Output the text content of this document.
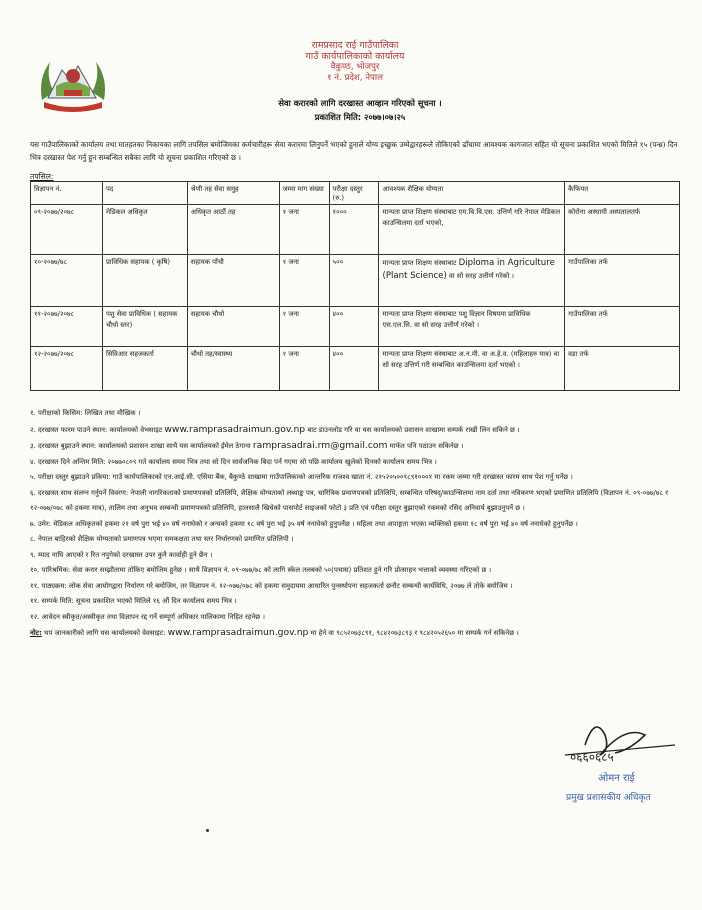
रामप्रसाद राई गाउँपालिका
गाउँ कार्यपालिकाको कार्यालय
वैकुण्ठ, भोजपुर
१ नं. प्रदेश, नेपाल
सेवा करारको लागि दरखास्त आव्हान गरिएको सूचना ।
प्रकाशित मिति: २०७७।०७।२५
यस गाउँपालिकाको कार्यालय तथा मातहतका निकायका लागि तपसिल बमोजिमका कर्मचारीहरू सेवा करारमा लिनुपर्ने भएको हुनाले योग्य इच्छुक उम्मेद्वारहरूले तोकिएको ढाँचामा आवश्यक कागजात सहित यो सूचना प्रकाशित भएको मितिले १५ (पन्ध्र) दिन भित्र दरखास्त पेश गर्नु हुन सम्बन्धित सबैका लागि यो सूचना प्रकाशित गरिएको छ ।
तपसिल:
विज्ञापन नं.	पद	श्रेणी तह सेवा समुह	जम्मा माग संख्या	परीक्षा दस्तुर (रु.)	आवश्यक शैक्षिक योग्यता	कैफियत
०९-२०७७/२०७८	मेडिकल अधिकृत	अधिकृत आठौं तह	१ जना	१०००	मान्यता प्राप्त शिक्षण संस्थाबाट एम.बि.बि.एस. उत्तिर्ण गरि नेपाल मेडिकल काउन्सिलमा दर्ता भएको,	कोरोना अस्थायी अस्पतालतर्फ
१०-२०७७/७८	प्राविधिक सहायक ( कृषि)	सहायक पाँचौ	१ जना	५००	मान्यता प्राप्त शिक्षण संस्थाबाट Diploma in Agriculture (Plant Science) वा सो सरह उत्तीर्ण गरेको ।	गाउँपालिका तर्फ
११-२०७७/२०७८	पशु सेवा प्राविधिक ( सहायक चौथो स्तर)	सहायक चौथो	१ जना	४००	मान्यता प्राप्त शिक्षण संस्थाबाट पशु विज्ञान विषयमा प्राविधिक एस.एल.सि. वा सो सरह उत्तीर्ण गरेको ।	गाउँपालिका तर्फ
१२-२०७७/२०७८	सिविआर सहजकर्ता	चौथो तह/स्वास्थ्य	१ जना	४००	मान्यता प्राप्त शिक्षण संस्थाबाट अ.न.मी. वा अ.हे.व. (महिलाहरु मात्र) वा सो सरह उत्तिर्ण गरी सम्बन्धित काउन्सिलमा दर्ता भएको ।	वडा तर्फ
१. परीक्षाको किसिम: लिखित तथा मौखिक ।
२. दरखास्त फारम पाउने स्थान: कार्यालयको वेभसाइट www.ramprasadraimun.gov.np बाट डाउनलोड गरि वा यस कार्यालयको प्रशासन शाखामा सम्पर्क राखी लिन सकिने छ ।
३. दरखास्त बुझाउने स्थान: कार्यालयको प्रशासन शाखा साथै यस कार्यालयको ईमेल ठेगाना ramprasadrai.rm@gmail.com मार्फत पनि पठाउन सकिनेछ ।
४. दरखास्त दिने अन्तिम मिति: २०७७०८०९ गते कार्यालय समय भित्र तथा सो दिन सार्वजनिक बिदा पर्न गएमा सो पछि कार्यालय खुलेको दिनको कार्यालय समय भित्र ।
५. परीक्षा दस्तुर बुझाउने प्रकिया: गाउँ कार्यपालिकाको एन.आई.सी. एसिया बैंक, बैकुण्ठे शाखामा गाउँपालिकाको आन्तरिक राजश्व खाता नं. २१५२०५००९८९१०००१ मा रकम जम्मा गरी दरखास्त फारम साथ पेश गर्नु पर्नेछ ।
६. दरखास्त साथ संलग्न गर्नुपर्ने विवरण: नेपाली नागरिकताको प्रमाणपत्रको प्रतिलिपि, शैक्षिक योग्यताको लब्धाङ्क पत्र, चारित्रिक प्रमाणपत्रको प्रतिलिपि, सम्बन्धित परिषद्/काउन्सिलमा नाम दर्ता तथा नविकरण भएको प्रमाणित प्रतिलिपि (विज्ञापन नं. ०९-०७७/७८ र १२-०७७/०७८ को हकमा मात्र), तालिम तथा अनुभव सम्बन्धी प्रमाणपत्रको प्रतिलिपि, हालसालै खिचेको पासपोर्ट साइजको फोटो ३ प्रति एवं परीक्षा दस्तुर बुझाएको रकमको रसिद अनिवार्य बुझाउनुपर्ने छ ।
७. उमेर: मेडिकल अधिकृतको हकमा २१ वर्ष पुरा भई ४० वर्ष ननाघेको र अन्यको हकमा १८ वर्ष पुरा भई ३५ वर्ष ननाघेको हुनुपर्नेछ । महिला तथा अपाङ्गता भएका व्यक्तिको हकमा १८ वर्ष पुरा भई ४० वर्ष ननाघेको हुनुपर्नेछ ।
८. नेपाल बाहिरको शैक्षिक योग्यताको प्रमाणपत्र भएमा समकक्षता तथा स्तर निर्धारणको प्रमाणित प्रतिलिपी ।
९. म्याद नाघि आएको र रित नपुगेको दरखास्त उपर कुनै कार्वाही हुने छैन ।
१०. पारिश्रमिक: सेवा करार सम्झौतामा तोकिए बमोजिम हुनेछ । साथै विज्ञापन नं. ०९-०७७/७८ को लागि स्केल तलबको ५०(पचास) प्रतिशत हुने गरि प्रोत्साहन भत्ताको व्यवस्था गरिएको छ ।
११. पाठ्यक्रम: लोक सेवा आयोगद्वारा निर्धारण गरे बमोजिम, तर विज्ञापन नं. १२-०७७/०७८ को हकमा समुदायमा आधारित पुनर्स्थापना सहजकर्ता छनौट सम्बन्धी कार्यविधि, २०७७ ले तोके बमोजिम ।
११. सम्पर्क मिति: सूचना प्रकाशित भएको मितिले १६ औं दिन कार्यालय समय भित्र ।
१२. आवेदन स्वीकृत/अस्वीकृत तथा विज्ञापन रद्द गर्ने सम्पूर्ण अधिकार पालिकामा निहित रहनेछ ।
नोट: थप जानकारीको लागि यस कार्यालयको वेवसाइट: www.ramprasadraimun.gov.np मा हेर्न वा ९८५२०७३८९१, ९८४२०७३८९३ र ९८४२०५२६५० मा सम्पर्क गर्न सकिनेछ ।
०६६०६८५
ओमन राई
प्रमुख प्रशासकीय अधिकृत
